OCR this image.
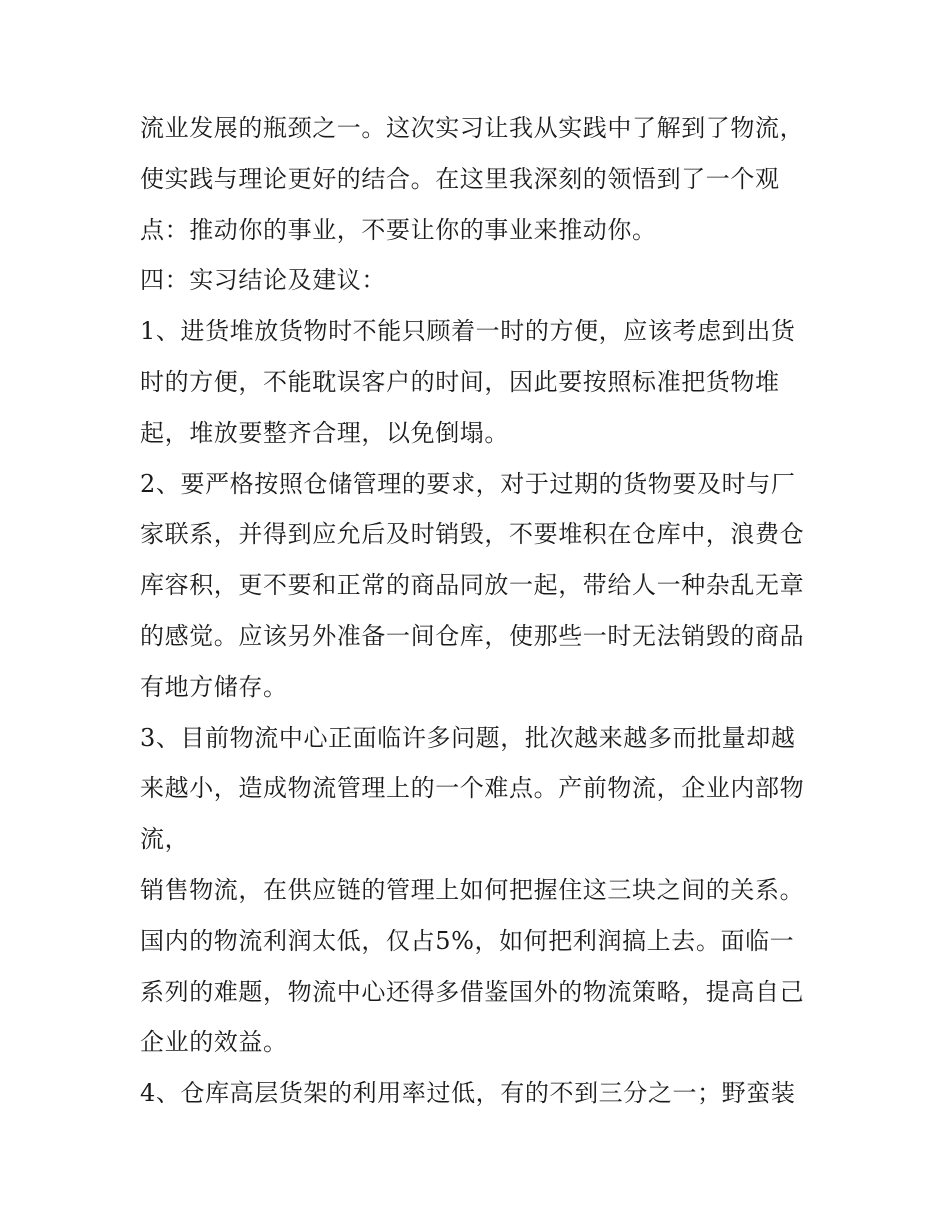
流业发展的瓶颈之一。这次实习让我从实践中了解到了物流，
使实践与理论更好的结合。在这里我深刻的领悟到了一个观
点：推动你的事业，不要让你的事业来推动你。
四：实习结论及建议：
1、进货堆放货物时不能只顾着一时的方便，应该考虑到出货
时的方便，不能耽误客户的时间，因此要按照标准把货物堆
起，堆放要整齐合理，以免倒塌。
2、要严格按照仓储管理的要求，对于过期的货物要及时与厂
家联系，并得到应允后及时销毁，不要堆积在仓库中，浪费仓
库容积，更不要和正常的商品同放一起，带给人一种杂乱无章
的感觉。应该另外准备一间仓库，使那些一时无法销毁的商品
有地方储存。
3、目前物流中心正面临许多问题，批次越来越多而批量却越
来越小，造成物流管理上的一个难点。产前物流，企业内部物
流，
销售物流，在供应链的管理上如何把握住这三块之间的关系。
国内的物流利润太低，仅占5%，如何把利润搞上去。面临一
系列的难题，物流中心还得多借鉴国外的物流策略，提高自己
企业的效益。
4、仓库高层货架的利用率过低，有的不到三分之一；野蛮装
